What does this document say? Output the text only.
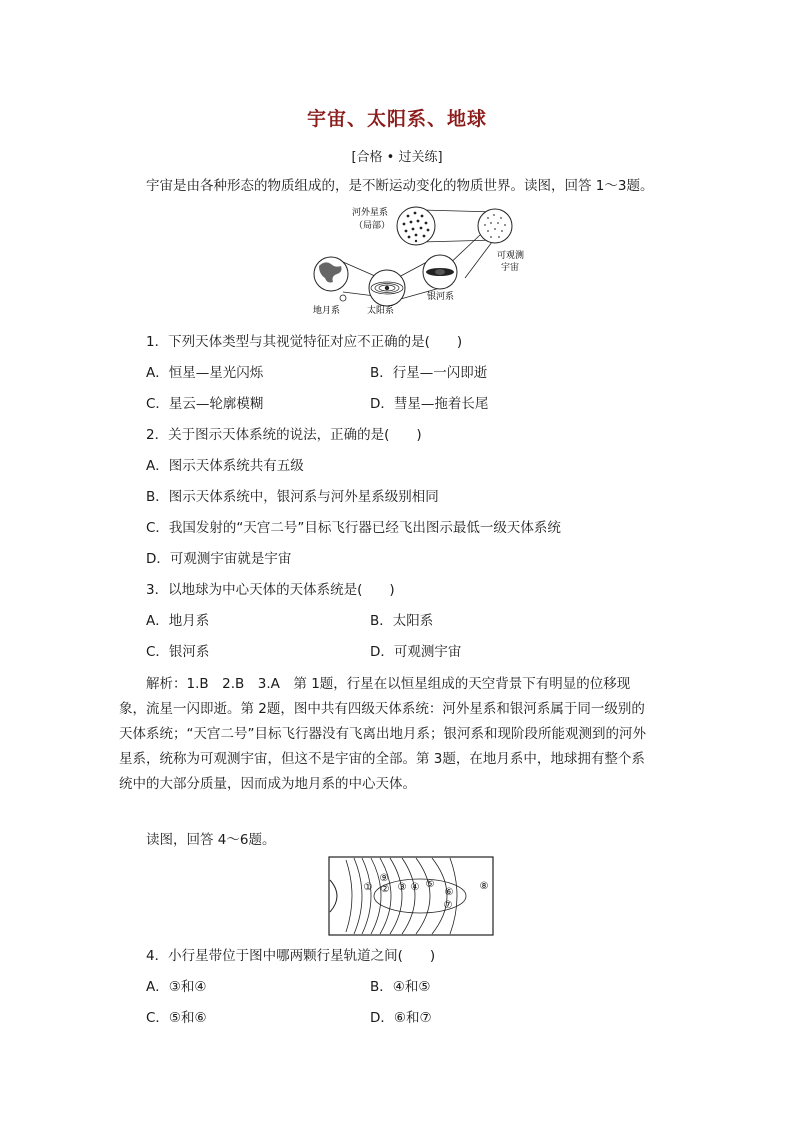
宇宙、太阳系、地球
[合格 • 过关练]
宇宙是由各种形态的物质组成的，是不断运动变化的物质世界。读图，回答 1～3题。
河外星系
（局部）
可观测
宇宙
银河系
地月系	太阳系
1．下列天体类型与其视觉特征对应不正确的是(　　)
A．恒星—星光闪烁	B．行星—一闪即逝
C．星云—轮廓模糊	D．彗星—拖着长尾
2．关于图示天体系统的说法，正确的是(　　)
A．图示天体系统共有五级
B．图示天体系统中，银河系与河外星系级别相同
C．我国发射的“天宫二号”目标飞行器已经飞出图示最低一级天体系统
D．可观测宇宙就是宇宙
3．以地球为中心天体的天体系统是(　　)
A．地月系	B．太阳系
C．银河系	D．可观测宇宙
解析：1.B　2.B　3.A　第 1题，行星在以恒星组成的天空背景下有明显的位移现象，流星一闪即逝。第 2题，图中共有四级天体系统：河外星系和银河系属于同一级别的天体系统；“天宫二号”目标飞行器没有飞离出地月系；银河系和现阶段所能观测到的河外星系，统称为可观测宇宙，但这不是宇宙的全部。第 3题，在地月系中，地球拥有整个系统中的大部分质量，因而成为地月系的中心天体。
读图，回答 4～6题。
① ② ③ ④ ⑤
⑥
⑦
⑧
⑨
4．小行星带位于图中哪两颗行星轨道之间(　　)
A．③和④	B．④和⑤
C．⑤和⑥	D．⑥和⑦
